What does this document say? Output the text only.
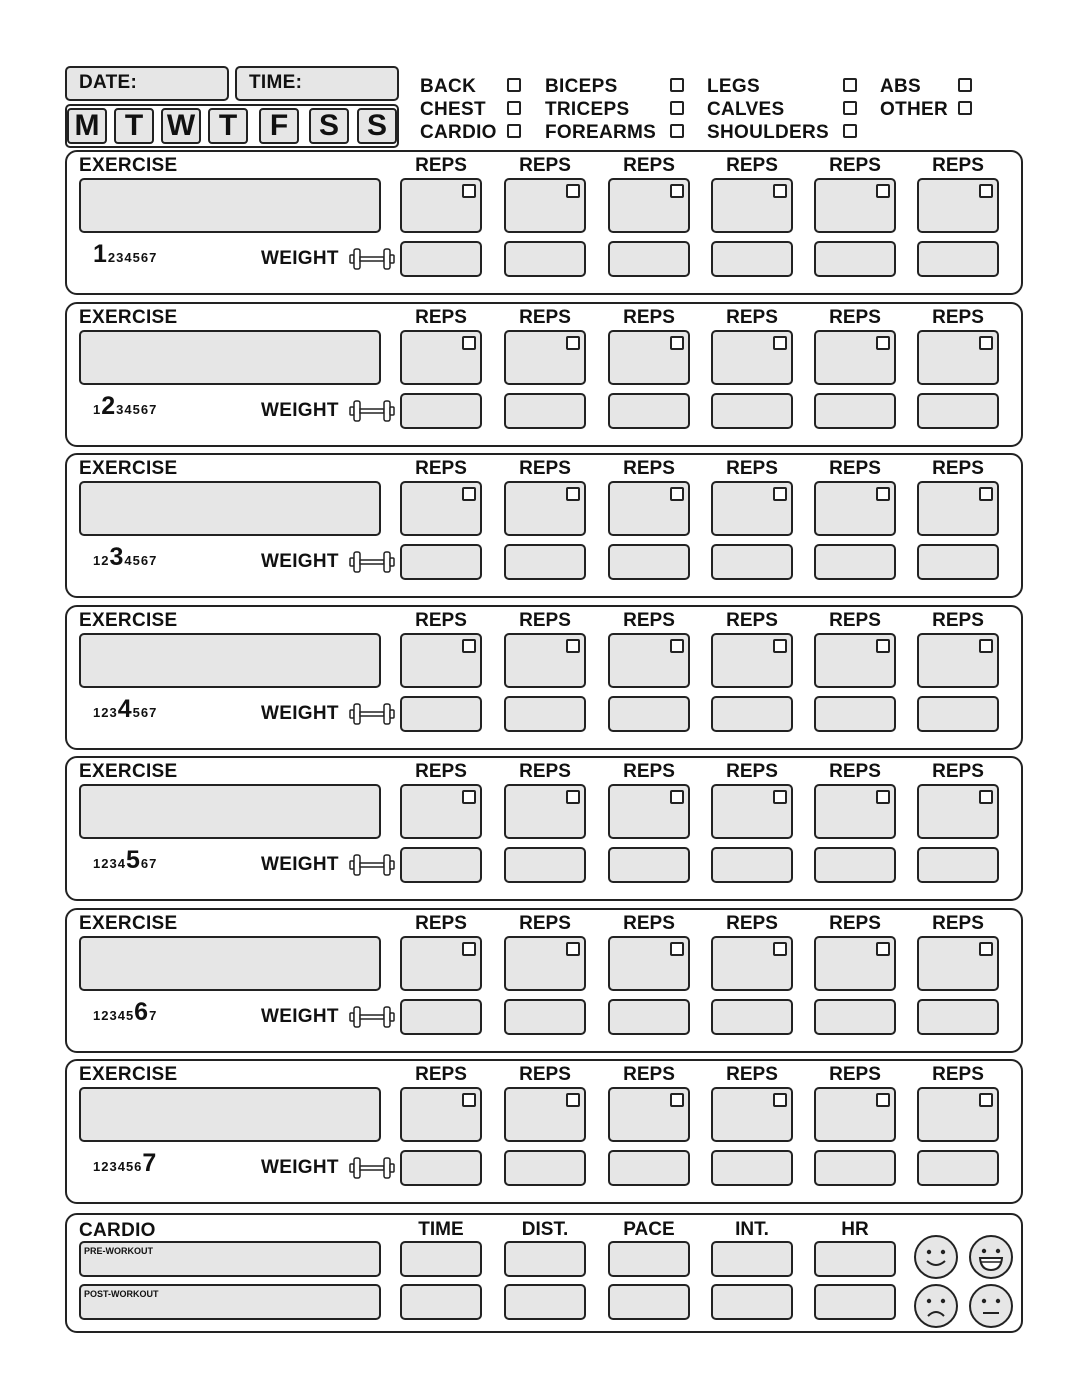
DATE:	TIME:
M T W T	F	S S
BACK
CHEST
CARDIO
BICEPS
TRICEPS
FOREARMS
LEGS
CALVES
SHOULDERS
ABS
OTHER
EXERCISE	REPS	REPS	REPS	REPS	REPS	REPS
1234567	WEIGHT
EXERCISE	REPS	REPS	REPS	REPS	REPS	REPS
1234567	WEIGHT
EXERCISE	REPS	REPS	REPS	REPS	REPS	REPS
1234567	WEIGHT
EXERCISE	REPS	REPS	REPS	REPS	REPS	REPS
1234567	WEIGHT
EXERCISE	REPS	REPS	REPS	REPS	REPS	REPS
1234567	WEIGHT
EXERCISE	REPS	REPS	REPS	REPS	REPS	REPS
1234567	WEIGHT
EXERCISE	REPS	REPS	REPS	REPS	REPS	REPS
1234567	WEIGHT
CARDIO	TIME	DIST.	PACE	INT.	HR
PRE-WORKOUT
POST-WORKOUT
